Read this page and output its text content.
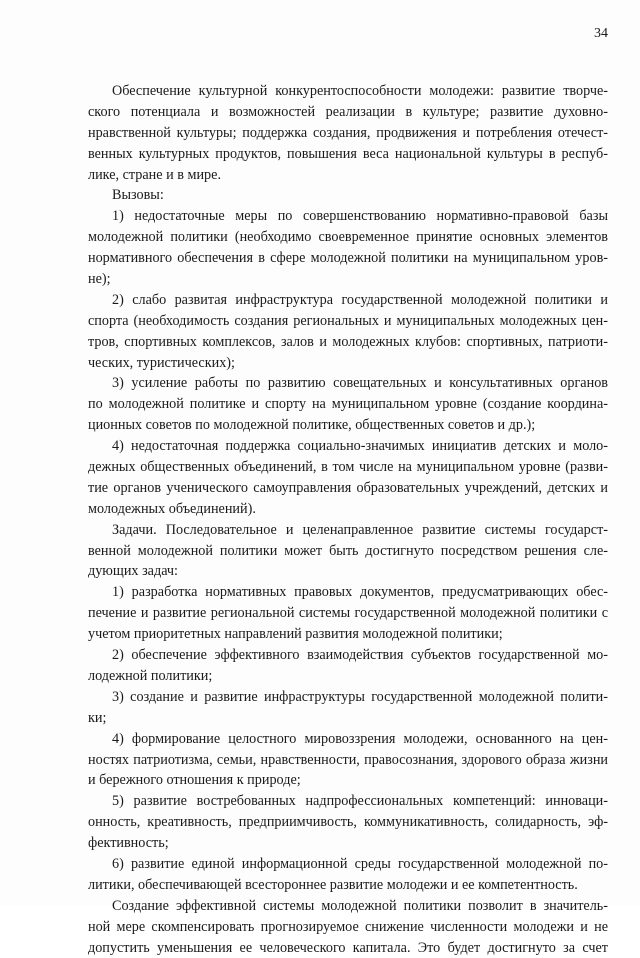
34
Обеспечение культурной конкурентоспособности молодежи: развитие творче-
ского потенциала и возможностей реализации в культуре; развитие духовно-
нравственной культуры; поддержка создания, продвижения и потребления отечест-
венных культурных продуктов, повышения веса национальной культуры в респуб-
лике, стране и в мире.
Вызовы:
1) недостаточные меры по совершенствованию нормативно-правовой базы
молодежной политики (необходимо своевременное принятие основных элементов
нормативного обеспечения в сфере молодежной политики на муниципальном уров-
не);
2) слабо развитая инфраструктура государственной молодежной политики и
спорта (необходимость создания региональных и муниципальных молодежных цен-
тров, спортивных комплексов, залов и молодежных клубов: спортивных, патриоти-
ческих, туристических);
3) усиление работы по развитию совещательных и консультативных органов
по молодежной политике и спорту на муниципальном уровне (создание координа-
ционных советов по молодежной политике, общественных советов и др.);
4) недостаточная поддержка социально-значимых инициатив детских и моло-
дежных общественных объединений, в том числе на муниципальном уровне (разви-
тие органов ученического самоуправления образовательных учреждений, детских и
молодежных объединений).
Задачи. Последовательное и целенаправленное развитие системы государст-
венной молодежной политики может быть достигнуто посредством решения сле-
дующих задач:
1) разработка нормативных правовых документов, предусматривающих обес-
печение и развитие региональной системы государственной молодежной политики с
учетом приоритетных направлений развития молодежной политики;
2) обеспечение эффективного взаимодействия субъектов государственной мо-
лодежной политики;
3) создание и развитие инфраструктуры государственной молодежной полити-
ки;
4) формирование целостного мировоззрения молодежи, основанного на цен-
ностях патриотизма, семьи, нравственности, правосознания, здорового образа жизни
и бережного отношения к природе;
5) развитие востребованных надпрофессиональных компетенций: инноваци-
онность, креативность, предприимчивость, коммуникативность, солидарность, эф-
фективность;
6) развитие единой информационной среды государственной молодежной по-
литики, обеспечивающей всестороннее развитие молодежи и ее компетентность.
Создание эффективной системы молодежной политики позволит в значитель-
ной мере скомпенсировать прогнозируемое снижение численности молодежи и не
допустить уменьшения ее человеческого капитала. Это будет достигнуто за счет
